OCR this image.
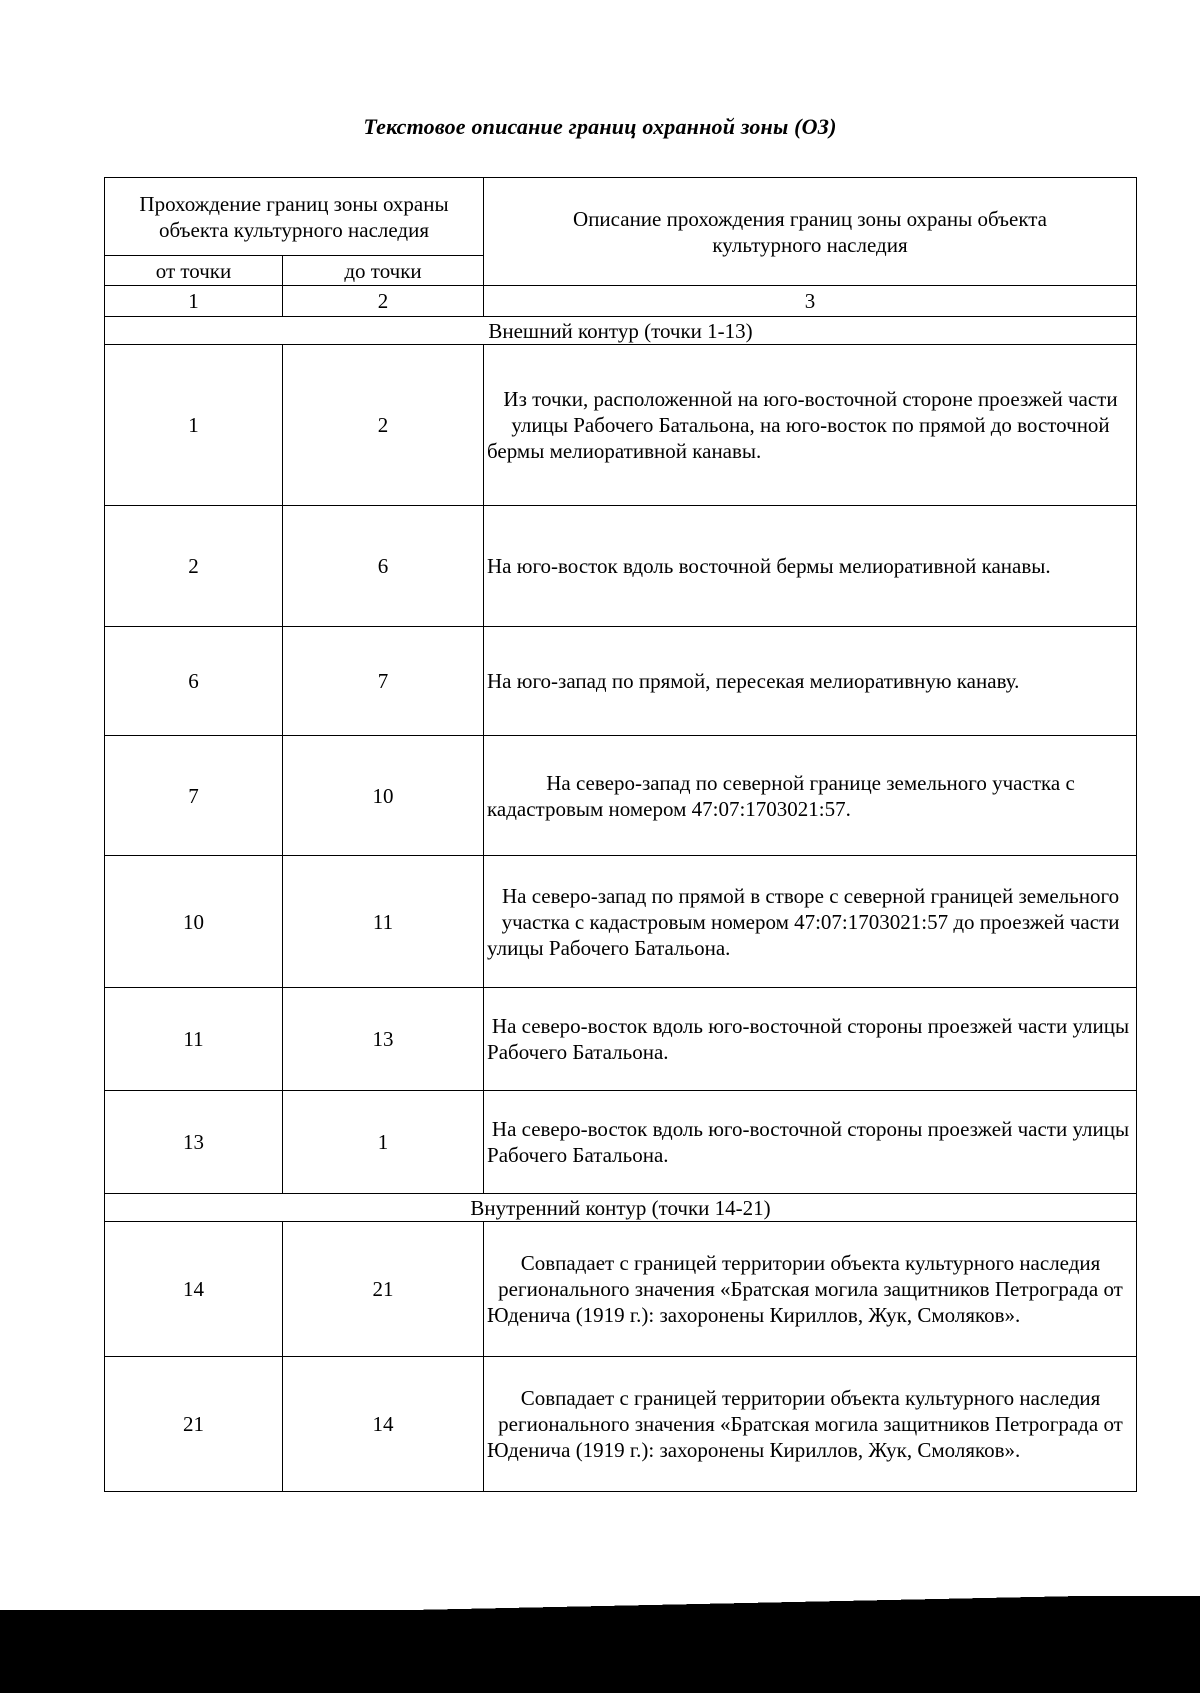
Текстовое описание границ охранной зоны (ОЗ)
Прохождение границ зоны охраны объекта культурного наследия		Описание прохождения границ зоны охраны объекта культурного наследия
от точки	до точки	
1	2	3
Внешний контур (точки 1-13)		
1	2	Из точки, расположенной на юго-восточной стороне проезжей части улицы Рабочего Батальона, на юго-восток по прямой до восточной бермы мелиоративной канавы.

2	6	На юго-восток вдоль восточной бермы мелиоративной канавы.

6	7	На юго-запад по прямой, пересекая мелиоративную канаву.

7	10	На северо-запад по северной границе земельного участка с кадастровым номером 47:07:1703021:57.

10	11	На северо-запад по прямой в створе с северной границей земельного участка с кадастровым номером 47:07:1703021:57 до проезжей части улицы Рабочего Батальона.

11	13	На северо-восток вдоль юго-восточной стороны проезжей части улицы Рабочего Батальона.

13	1	На северо-восток вдоль юго-восточной стороны проезжей части улицы Рабочего Батальона.

Внутренний контур (точки 14-21)		
14	21	Совпадает с границей территории объекта культурного наследия регионального значения «Братская могила защитников Петрограда от Юденича (1919 г.): захоронены Кириллов, Жук, Смоляков».

21	14	Совпадает с границей территории объекта культурного наследия регионального значения «Братская могила защитников Петрограда от Юденича (1919 г.): захоронены Кириллов, Жук, Смоляков».
